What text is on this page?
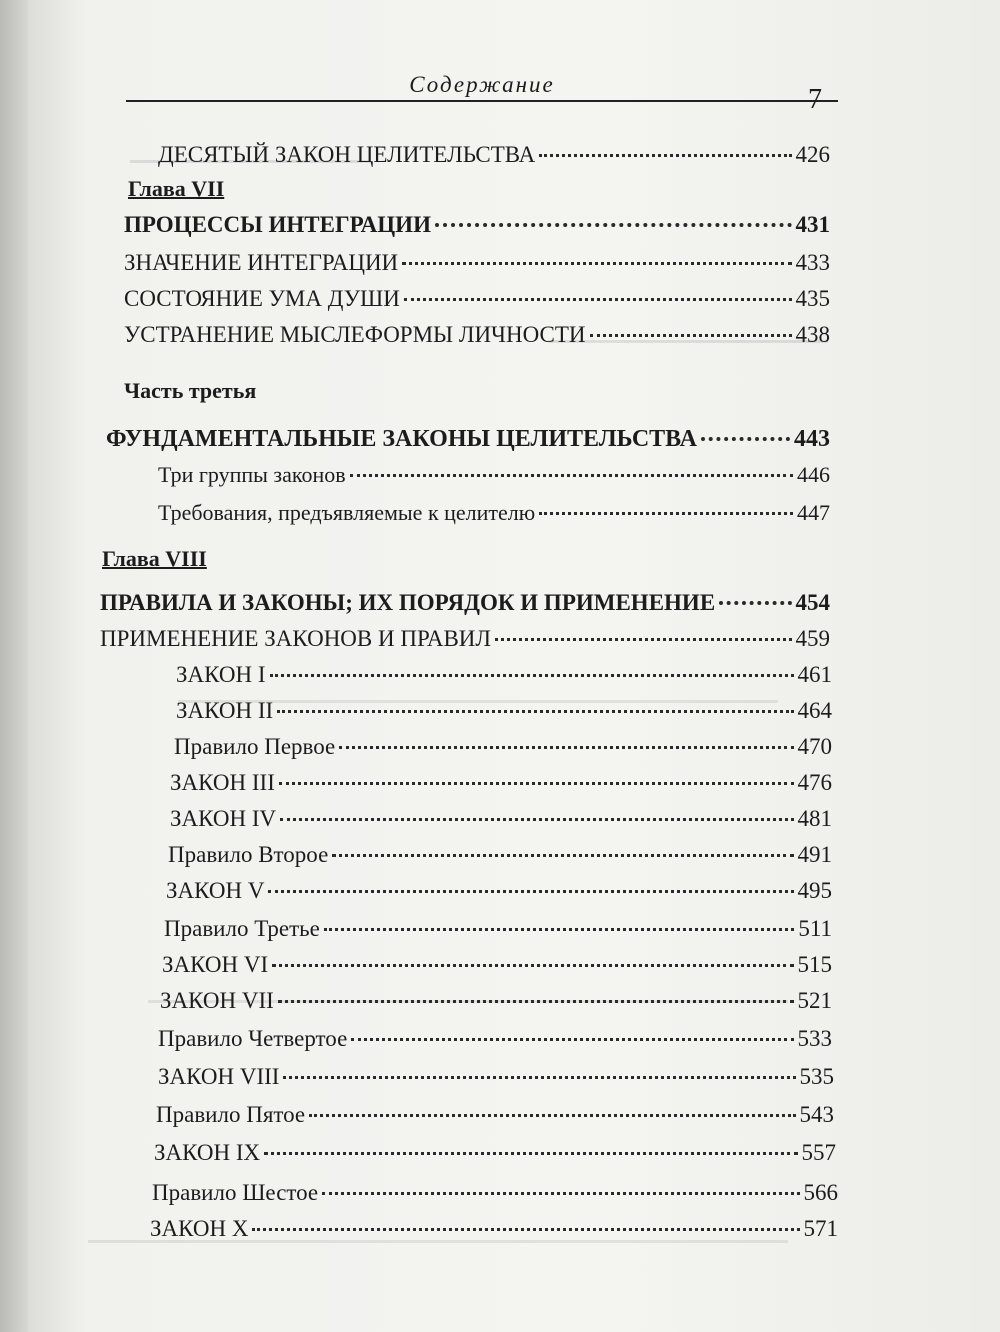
Содержание	7
ДЕСЯТЫЙ ЗАКОН ЦЕЛИТЕЛЬСТВА	426
Глава VII
ПРОЦЕССЫ ИНТЕГРАЦИИ	431
ЗНАЧЕНИЕ ИНТЕГРАЦИИ	433
СОСТОЯНИЕ УМА ДУШИ	435
УСТРАНЕНИЕ МЫСЛЕФОРМЫ ЛИЧНОСТИ	438
Часть третья
ФУНДАМЕНТАЛЬНЫЕ ЗАКОНЫ ЦЕЛИТЕЛЬСТВА	443
Три группы законов	446
Требования, предъявляемые к целителю	447
Глава VIII
ПРАВИЛА И ЗАКОНЫ; ИХ ПОРЯДОК И ПРИМЕНЕНИЕ	454
ПРИМЕНЕНИЕ ЗАКОНОВ И ПРАВИЛ	459
ЗАКОН I	461
ЗАКОН II	464
Правило Первое	470
ЗАКОН III	476
ЗАКОН IV	481
Правило Второе	491
ЗАКОН V	495
Правило Третье	511
ЗАКОН VI	515
ЗАКОН VII	521
Правило Четвертое	533
ЗАКОН VIII	535
Правило Пятое	543
ЗАКОН IX	557
Правило Шестое	566
ЗАКОН X	571
